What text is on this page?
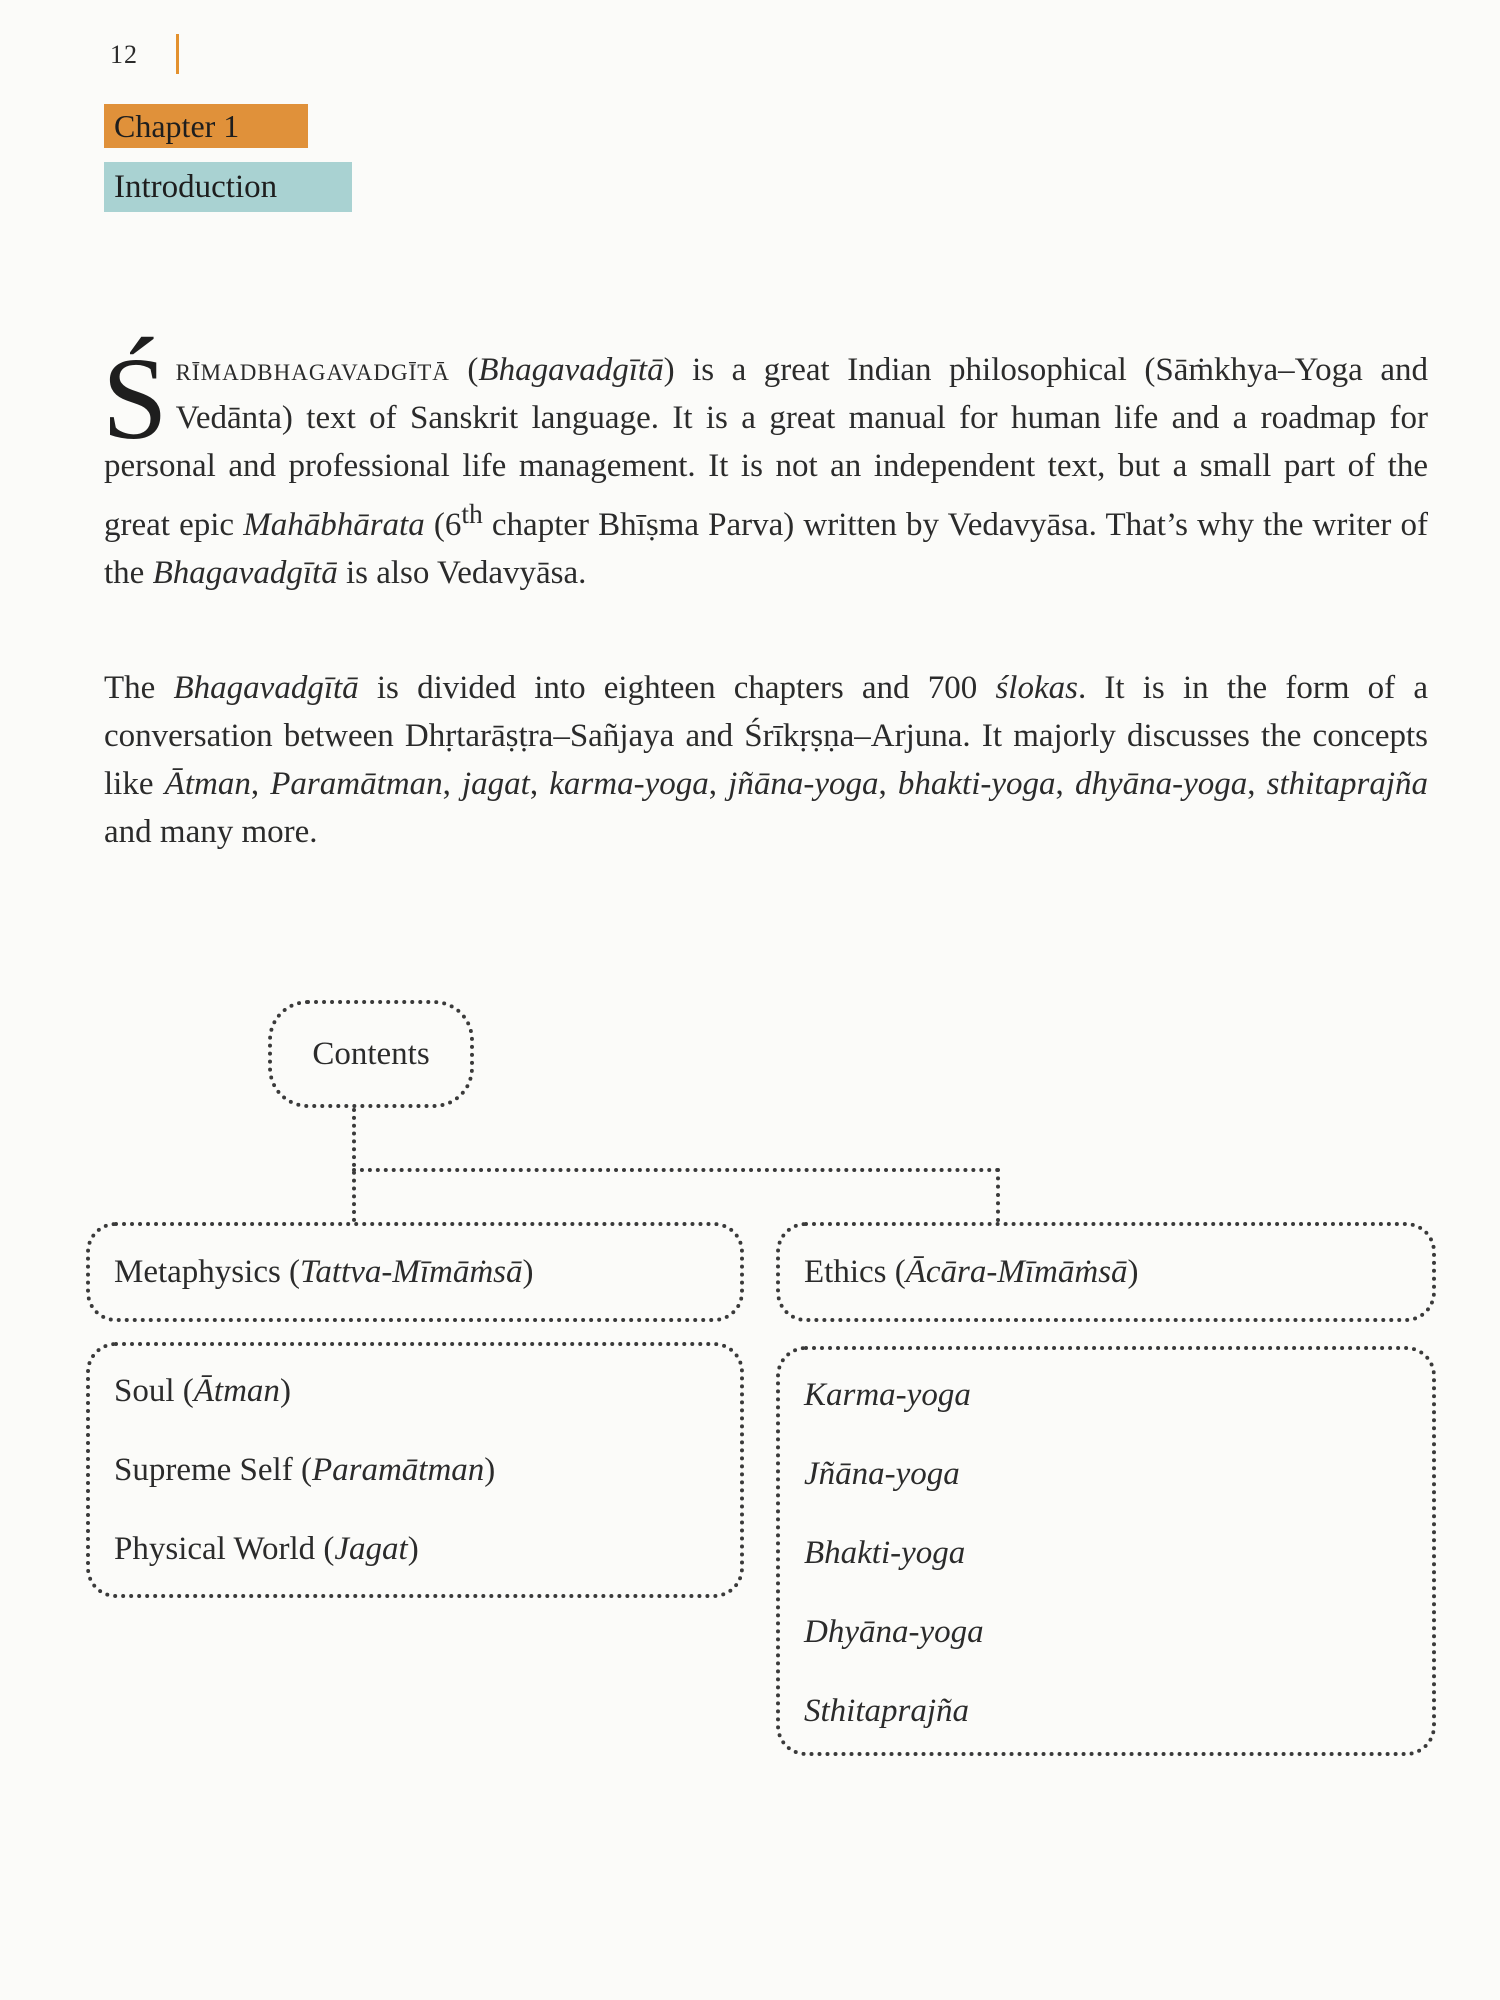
12
Chapter 1
Introduction

Śrīmadbhagavadgītā (Bhagavadgītā) is a great Indian philosophical (Sāṁkhya–Yoga and Vedānta) text of Sanskrit language. It is a great manual for human life and a roadmap for personal and professional life management. It is not an independent text, but a small part of the great epic Mahābhārata (6th chapter Bhīṣma Parva) written by Vedavyāsa. That’s why the writer of the Bhagavadgītā is also Vedavyāsa.

The Bhagavadgītā is divided into eighteen chapters and 700 ślokas. It is in the form of a conversation between Dhṛtarāṣṭra–Sañjaya and Śrīkṛṣṇa–Arjuna. It majorly discusses the concepts like Ātman, Paramātman, jagat, karma-yoga, jñāna-yoga, bhakti-yoga, dhyāna-yoga, sthitaprajña and many more.

Contents
Metaphysics (Tattva-Mīmāṁsā)
Soul (Ātman)
Supreme Self (Paramātman)
Physical World (Jagat)
Ethics (Ācāra-Mīmāṁsā)
Karma-yoga
Jñāna-yoga
Bhakti-yoga
Dhyāna-yoga
Sthitaprajña
